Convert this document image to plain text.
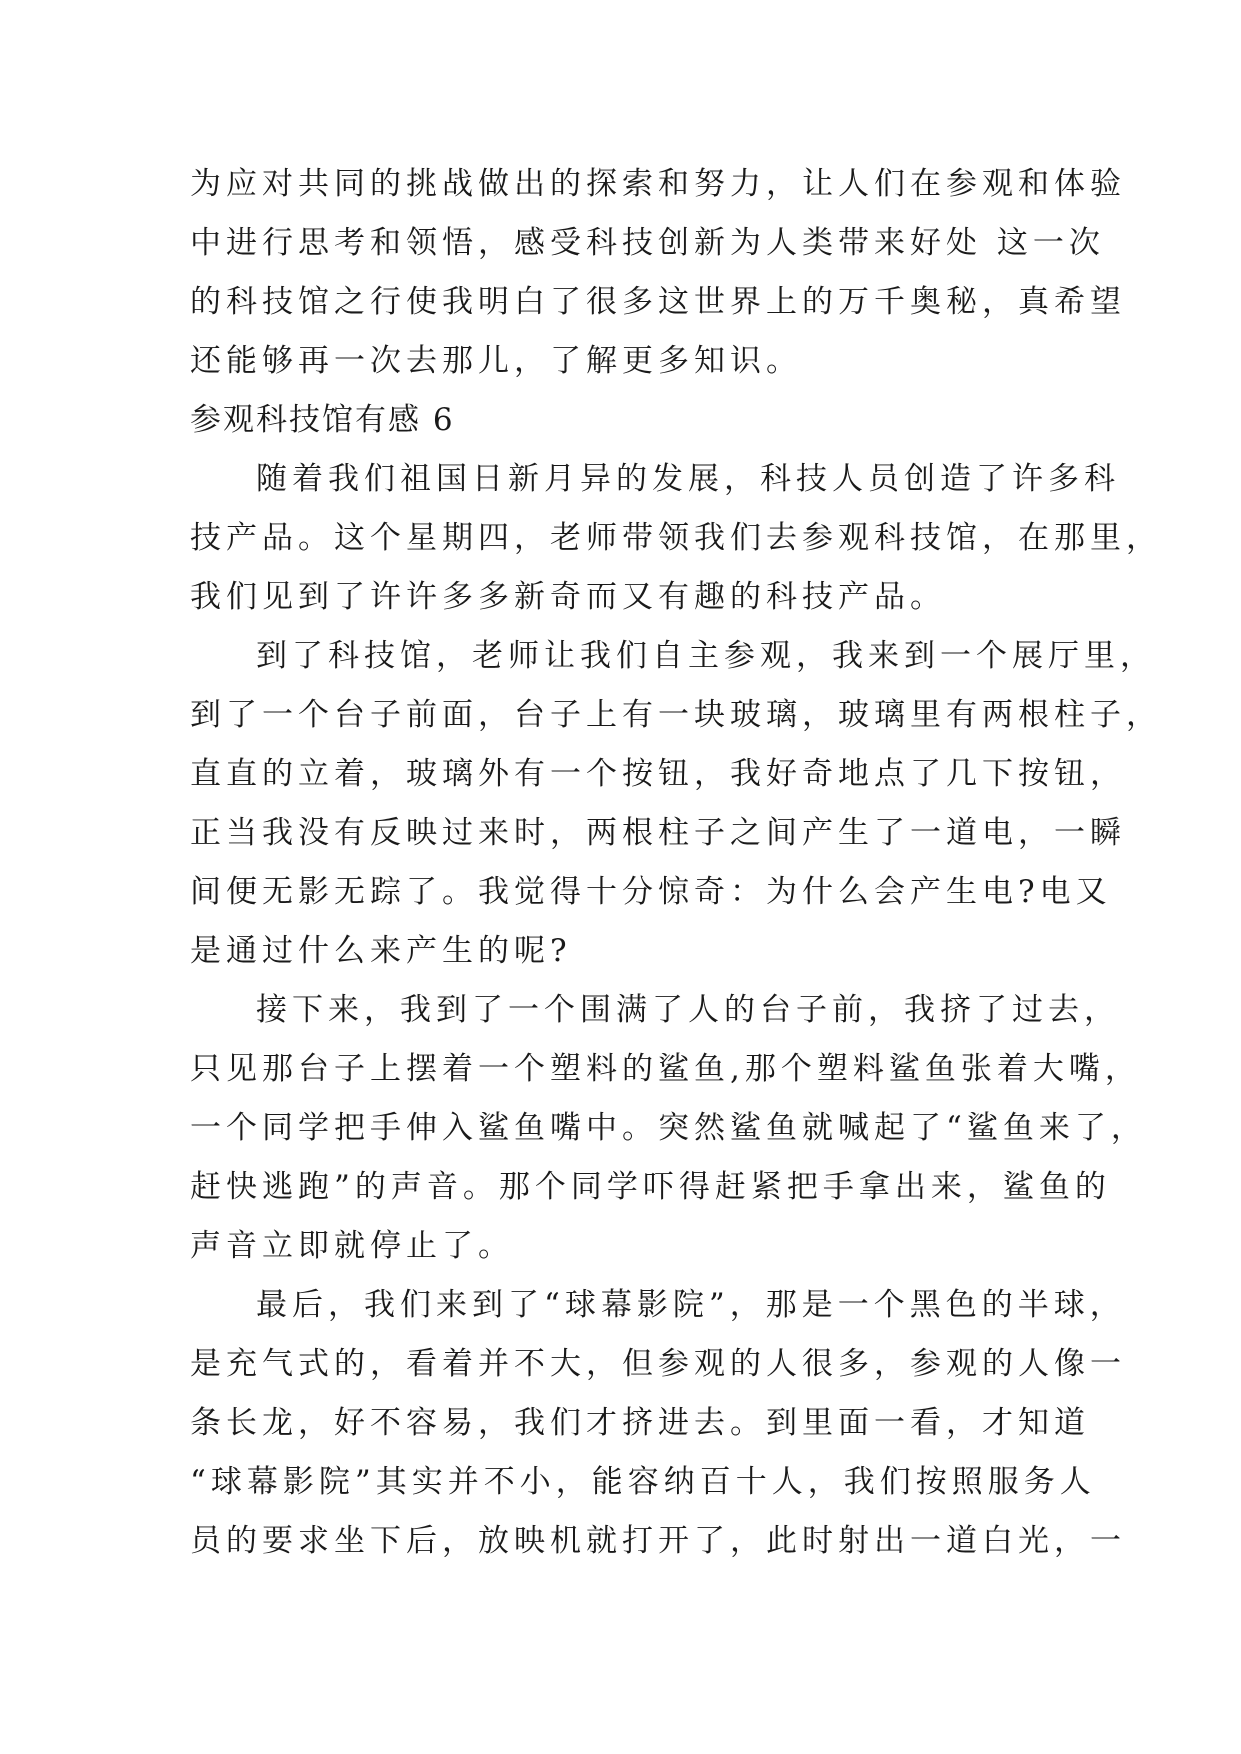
为应对共同的挑战做出的探索和努力，让人们在参观和体验
中进行思考和领悟，感受科技创新为人类带来好处 这一次
的科技馆之行使我明白了很多这世界上的万千奥秘，真希望
还能够再一次去那儿，了解更多知识。

参观科技馆有感 6

随着我们祖国日新月异的发展，科技人员创造了许多科
技产品。这个星期四，老师带领我们去参观科技馆，在那里，
我们见到了许许多多新奇而又有趣的科技产品。

到了科技馆，老师让我们自主参观，我来到一个展厅里，
到了一个台子前面，台子上有一块玻璃，玻璃里有两根柱子，
直直的立着，玻璃外有一个按钮，我好奇地点了几下按钮，
正当我没有反映过来时，两根柱子之间产生了一道电，一瞬
间便无影无踪了。我觉得十分惊奇：为什么会产生电?电又
是通过什么来产生的呢?

接下来，我到了一个围满了人的台子前，我挤了过去，
只见那台子上摆着一个塑料的鲨鱼,那个塑料鲨鱼张着大嘴，
一个同学把手伸入鲨鱼嘴中。突然鲨鱼就喊起了“鲨鱼来了，
赶快逃跑”的声音。那个同学吓得赶紧把手拿出来，鲨鱼的
声音立即就停止了。

最后，我们来到了“球幕影院”，那是一个黑色的半球，
是充气式的，看着并不大，但参观的人很多，参观的人像一
条长龙，好不容易，我们才挤进去。到里面一看，才知道
“球幕影院”其实并不小，能容纳百十人，我们按照服务人
员的要求坐下后，放映机就打开了，此时射出一道白光，一
